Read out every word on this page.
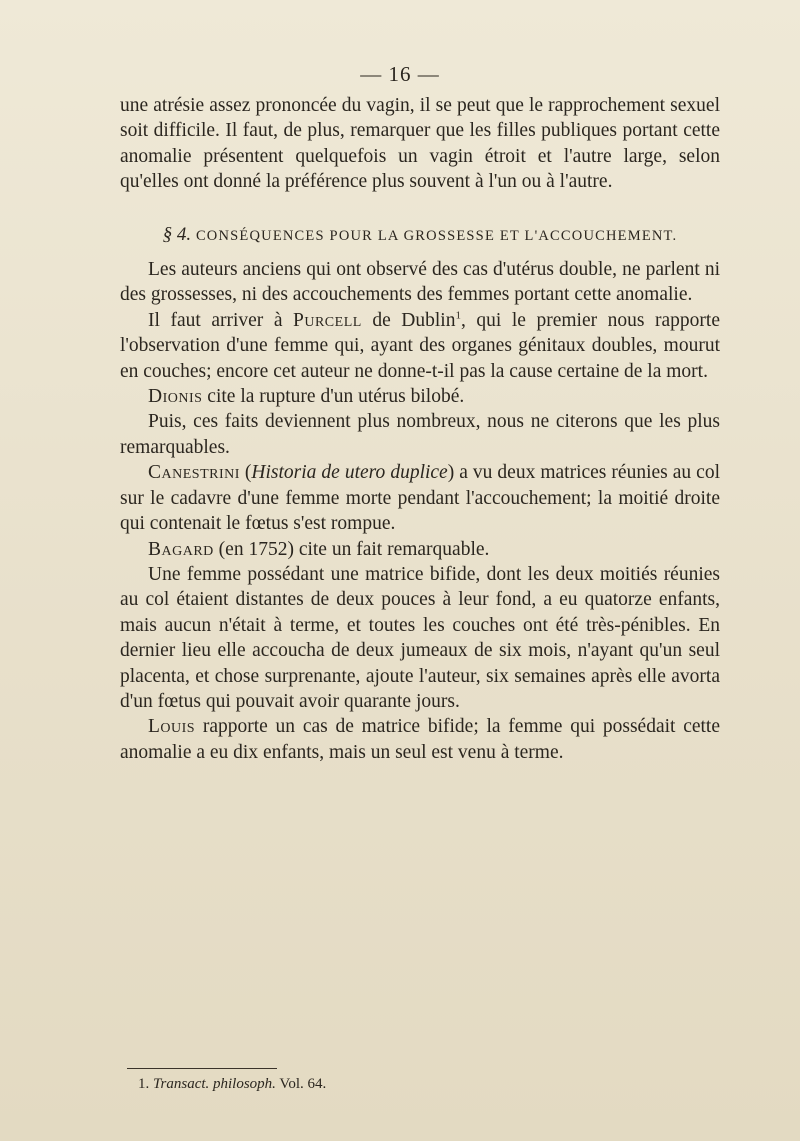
— 16 —

une atrésie assez prononcée du vagin, il se peut que le rapprochement sexuel soit difficile. Il faut, de plus, remarquer que les filles publiques portant cette anomalie présentent quelquefois un vagin étroit et l'autre large, selon qu'elles ont donné la préférence plus souvent à l'un ou à l'autre.

§ 4. CONSÉQUENCES POUR LA GROSSESSE ET L'ACCOUCHEMENT.

Les auteurs anciens qui ont observé des cas d'utérus double, ne parlent ni des grossesses, ni des accouchements des femmes portant cette anomalie.

Il faut arriver à Purcell de Dublin$^1$, qui le premier nous rapporte l'observation d'une femme qui, ayant des organes génitaux doubles, mourut en couches; encore cet auteur ne donne-t-il pas la cause certaine de la mort.

Dionis cite la rupture d'un utérus bilobé.

Puis, ces faits deviennent plus nombreux, nous ne citerons que les plus remarquables.

Canestrini (Historia de utero duplice) a vu deux matrices réunies au col sur le cadavre d'une femme morte pendant l'accouchement; la moitié droite qui contenait le fœtus s'est rompue.

Bagard (en 1752) cite un fait remarquable.

Une femme possédant une matrice bifide, dont les deux moitiés réunies au col étaient distantes de deux pouces à leur fond, a eu quatorze enfants, mais aucun n'était à terme, et toutes les couches ont été très-pénibles. En dernier lieu elle accoucha de deux jumeaux de six mois, n'ayant qu'un seul placenta, et chose surprenante, ajoute l'auteur, six semaines après elle avorta d'un fœtus qui pouvait avoir quarante jours.

Louis rapporte un cas de matrice bifide; la femme qui possédait cette anomalie a eu dix enfants, mais un seul est venu à terme.

1. Transact. philosoph. Vol. 64.
